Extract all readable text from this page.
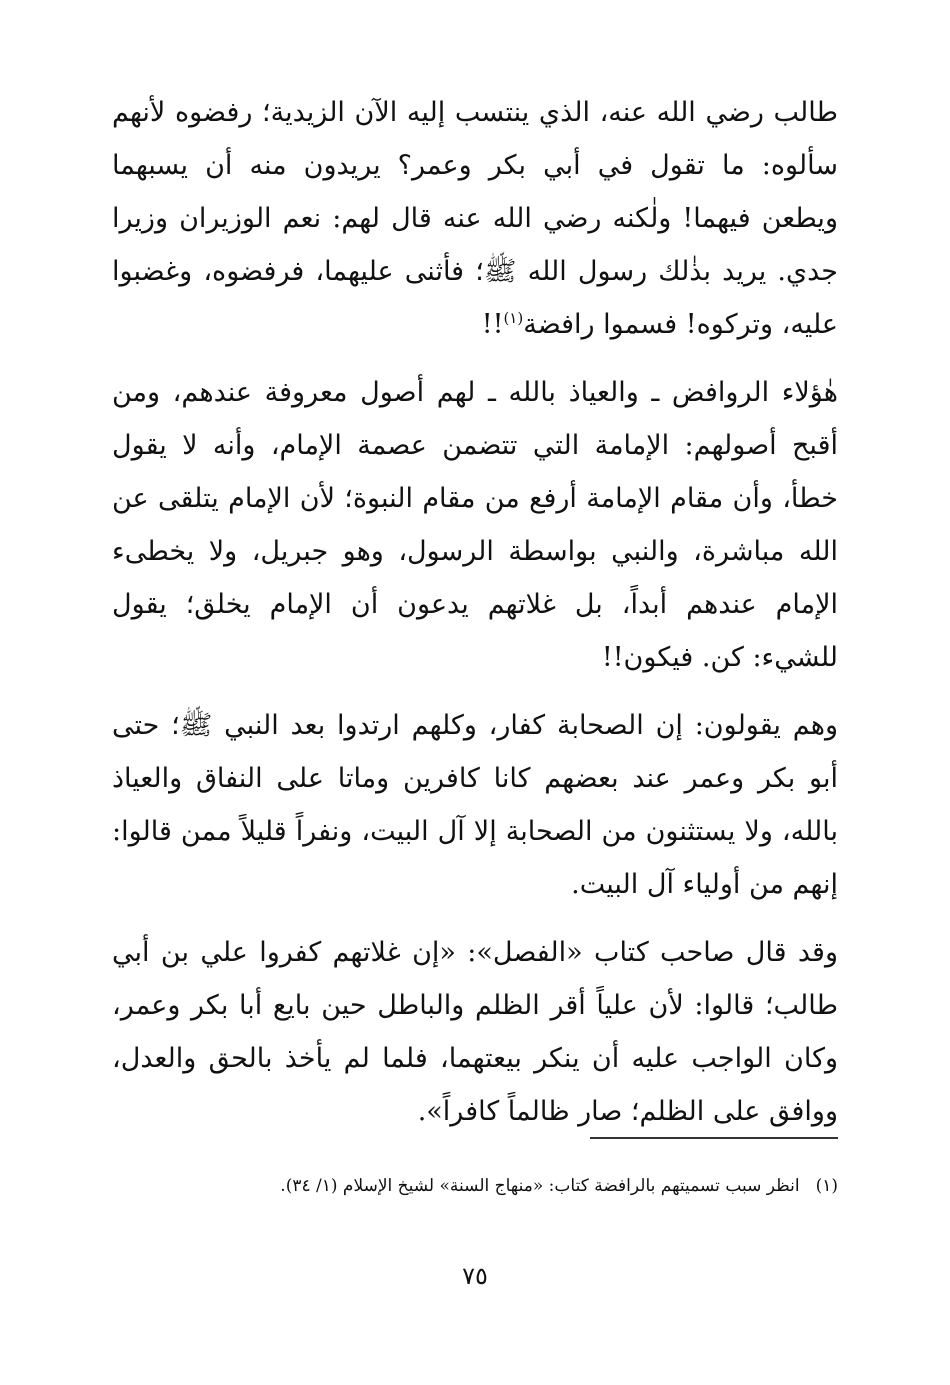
طالب رضي الله عنه، الذي ينتسب إليه الآن الزيدية؛ رفضوه لأنهم سألوه: ما تقول في أبي بكر وعمر؟ يريدون منه أن يسبهما ويطعن فيهما! ولٰكنه رضي الله عنه قال لهم: نعم الوزيران وزيرا جدي. يريد بذٰلك رسول الله ﷺ؛ فأثنى عليهما، فرفضوه، وغضبوا عليه، وتركوه! فسموا رافضة$^{(١)}$!!

هٰؤلاء الروافض ـ والعياذ بالله ـ لهم أصول معروفة عندهم، ومن أقبح أصولهم: الإمامة التي تتضمن عصمة الإمام، وأنه لا يقول خطأ، وأن مقام الإمامة أرفع من مقام النبوة؛ لأن الإمام يتلقى عن الله مباشرة، والنبي بواسطة الرسول، وهو جبريل، ولا يخطىء الإمام عندهم أبداً، بل غلاتهم يدعون أن الإمام يخلق؛ يقول للشيء: كن. فيكون!!

وهم يقولون: إن الصحابة كفار، وكلهم ارتدوا بعد النبي ﷺ؛ حتى أبو بكر وعمر عند بعضهم كانا كافرين وماتا على النفاق والعياذ بالله، ولا يستثنون من الصحابة إلا آل البيت، ونفراً قليلاً ممن قالوا: إنهم من أولياء آل البيت.

وقد قال صاحب كتاب «الفصل»: «إن غلاتهم كفروا علي بن أبي طالب؛ قالوا: لأن علياً أقر الظلم والباطل حين بايع أبا بكر وعمر، وكان الواجب عليه أن ينكر بيعتهما، فلما لم يأخذ بالحق والعدل، ووافق على الظلم؛ صار ظالماً كافراً».

(١)انظر سبب تسميتهم بالرافضة كتاب: «منهاج السنة» لشيخ الإسلام (١/ ٣٤).
٧٥
